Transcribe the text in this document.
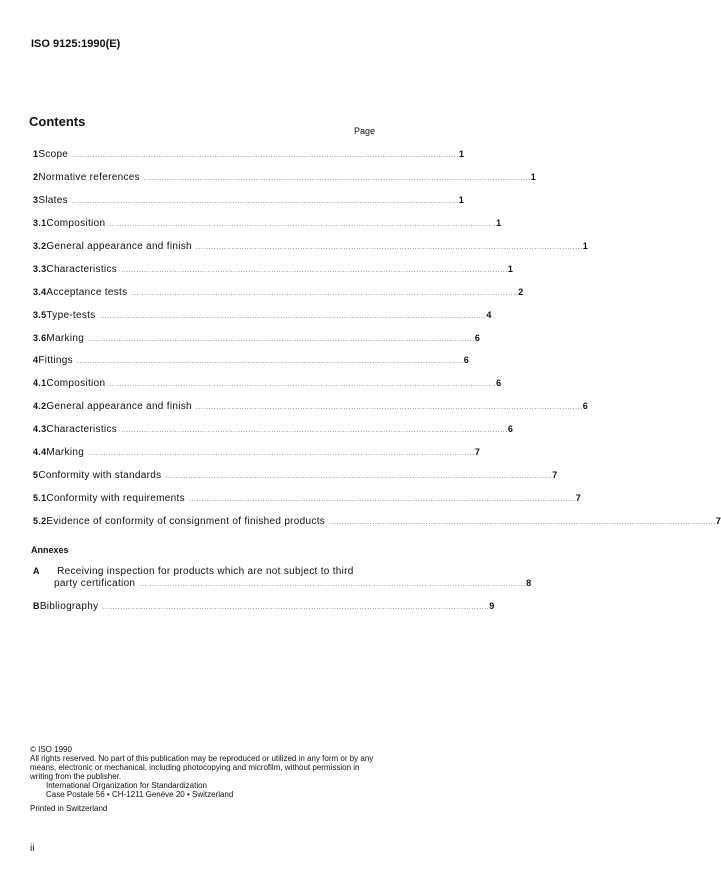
ISO 9125:1990(E)
Contents
Page
1 Scope ........................................................................................................................................................ 1
2 Normative references ........................................................................................................................................................ 1
3 Slates ........................................................................................................................................................ 1
3.1 Composition ........................................................................................................................................................ 1
3.2 General appearance and finish ........................................................................................................................................................ 1
3.3 Characteristics ........................................................................................................................................................ 1
3.4 Acceptance tests ........................................................................................................................................................ 2
3.5 Type-tests ........................................................................................................................................................ 4
3.6 Marking ........................................................................................................................................................ 6
4 Fittings ........................................................................................................................................................ 6
4.1 Composition ........................................................................................................................................................ 6
4.2 General appearance and finish ........................................................................................................................................................ 6
4.3 Characteristics ........................................................................................................................................................ 6
4.4 Marking ........................................................................................................................................................ 7
5 Conformity with standards ........................................................................................................................................................ 7
5.1 Conformity with requirements ........................................................................................................................................................ 7
5.2 Evidence of conformity of consignment of finished products ........................................................................................................................................................ 7
Annexes
A Receiving inspection for products which are not subject to third
party certification ........................................................................................................................................................ 8
B Bibliography ........................................................................................................................................................ 9

© ISO 1990

All rights reserved. No part of this publication may be reproduced or utilized in any form or by any means, electronic or mechanical, including photocopying and microfilm, without permission in writing from the publisher.

International Organization for Standardization

Case Postale 56 • CH-1211 Genève 20 • Switzerland

Printed in Switzerland

ii
